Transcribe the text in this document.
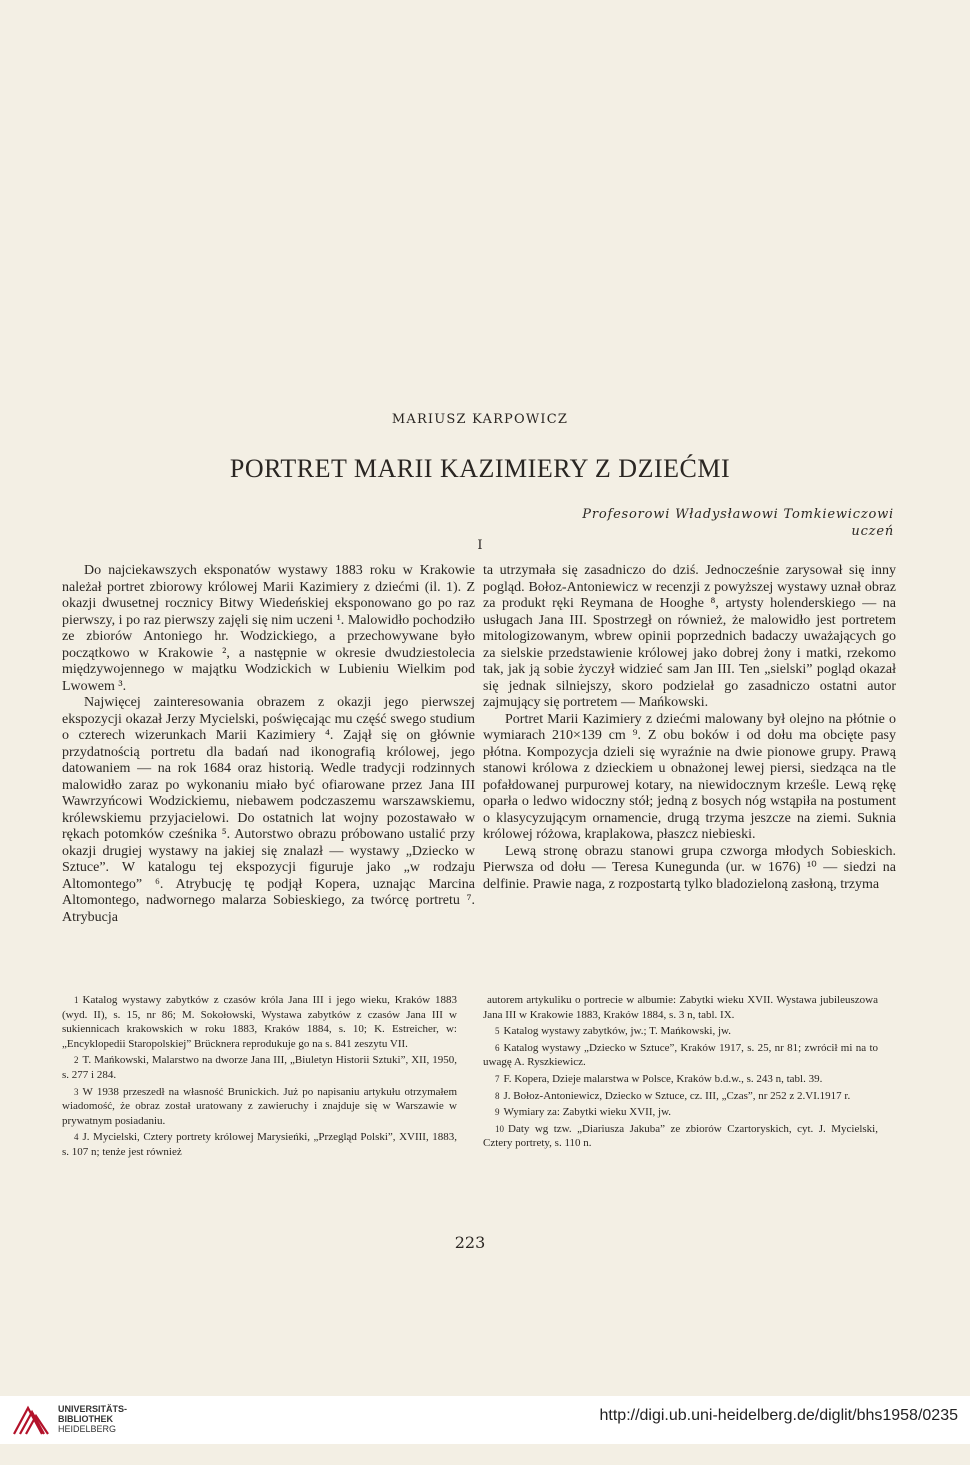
MARIUSZ KARPOWICZ
PORTRET MARII KAZIMIERY Z DZIEĆMI
Profesorowi Władysławowi Tomkiewiczowi
uczeń
I

Do najciekawszych eksponatów wystawy 1883 roku w Krakowie należał portret zbiorowy królowej Marii Kazimiery z dziećmi (il. 1). Z okazji dwusetnej rocznicy Bitwy Wiedeńskiej eksponowano go po raz pierwszy, i po raz pierwszy zajęli się nim uczeni ¹. Malowidło pochodziło ze zbiorów Antoniego hr. Wodzickiego, a przechowywane było początkowo w Krakowie ², a następnie w okresie dwudziestolecia międzywojennego w majątku Wodzickich w Lubieniu Wielkim pod Lwowem ³.

Najwięcej zainteresowania obrazem z okazji jego pierwszej ekspozycji okazał Jerzy Mycielski, poświęcając mu część swego studium o czterech wizerunkach Marii Kazimiery ⁴. Zajął się on głównie przydatnością portretu dla badań nad ikonografią królowej, jego datowaniem — na rok 1684 oraz historią. Wedle tradycji rodzinnych malowidło zaraz po wykonaniu miało być ofiarowane przez Jana III Wawrzyńcowi Wodzickiemu, niebawem podczaszemu warszawskiemu, królewskiemu przyjacielowi. Do ostatnich lat wojny pozostawało w rękach potomków cześnika ⁵. Autorstwo obrazu próbowano ustalić przy okazji drugiej wystawy na jakiej się znalazł — wystawy „Dziecko w Sztuce”. W katalogu tej ekspozycji figuruje jako „w rodzaju Altomontego” ⁶. Atrybucję tę podjął Kopera, uznając Marcina Altomontego, nadwornego malarza Sobieskiego, za twórcę portretu ⁷. Atrybucja

ta utrzymała się zasadniczo do dziś. Jednocześnie zarysował się inny pogląd. Bołoz-Antoniewicz w recenzji z powyższej wystawy uznał obraz za produkt ręki Reymana de Hooghe ⁸, artysty holenderskiego — na usługach Jana III. Spostrzegł on również, że malowidło jest portretem mitologizowanym, wbrew opinii poprzednich badaczy uważających go za sielskie przedstawienie królowej jako dobrej żony i matki, rzekomo tak, jak ją sobie życzył widzieć sam Jan III. Ten „sielski” pogląd okazał się jednak silniejszy, skoro podzielał go zasadniczo ostatni autor zajmujący się portretem — Mańkowski.

Portret Marii Kazimiery z dziećmi malowany był olejno na płótnie o wymiarach 210×139 cm ⁹. Z obu boków i od dołu ma obcięte pasy płótna. Kompozycja dzieli się wyraźnie na dwie pionowe grupy. Prawą stanowi królowa z dzieckiem u obnażonej lewej piersi, siedząca na tle pofałdowanej purpurowej kotary, na niewidocznym krześle. Lewą rękę oparła o ledwo widoczny stół; jedną z bosych nóg wstąpiła na postument o klasycyzującym ornamencie, drugą trzyma jeszcze na ziemi. Suknia królowej różowa, kraplakowa, płaszcz niebieski.

Lewą stronę obrazu stanowi grupa czworga młodych Sobieskich. Pierwsza od dołu — Teresa Kunegunda (ur. w 1676) ¹⁰ — siedzi na delfinie. Prawie naga, z rozpostartą tylko bladozieloną zasłoną, trzyma

1 Katalog wystawy zabytków z czasów króla Jana III i jego wieku, Kraków 1883 (wyd. II), s. 15, nr 86; M. Sokołowski, Wystawa zabytków z czasów Jana III w sukiennicach krakowskich w roku 1883, Kraków 1884, s. 10; K. Estreicher, w: „Encyklopedii Staropolskiej” Brücknera reprodukuje go na s. 841 zeszytu VII.

2 T. Mańkowski, Malarstwo na dworze Jana III, „Biuletyn Historii Sztuki”, XII, 1950, s. 277 i 284.

3 W 1938 przeszedł na własność Brunickich. Już po napisaniu artykułu otrzymałem wiadomość, że obraz został uratowany z zawieruchy i znajduje się w Warszawie w prywatnym posiadaniu.

4 J. Mycielski, Cztery portrety królowej Marysieńki, „Przegląd Polski”, XVIII, 1883, s. 107 n; tenże jest również

autorem artykuliku o portrecie w albumie: Zabytki wieku XVII. Wystawa jubileuszowa Jana III w Krakowie 1883, Kraków 1884, s. 3 n, tabl. IX.

5 Katalog wystawy zabytków, jw.; T. Mańkowski, jw.

6 Katalog wystawy „Dziecko w Sztuce”, Kraków 1917, s. 25, nr 81; zwrócił mi na to uwagę A. Ryszkiewicz.

7 F. Kopera, Dzieje malarstwa w Polsce, Kraków b.d.w., s. 243 n, tabl. 39.

8 J. Bołoz-Antoniewicz, Dziecko w Sztuce, cz. III, „Czas”, nr 252 z 2.VI.1917 r.

9 Wymiary za: Zabytki wieku XVII, jw.

10 Daty wg tzw. „Diariusza Jakuba” ze zbiorów Czartoryskich, cyt. J. Mycielski, Cztery portrety, s. 110 n.

223
UNIVERSITÄTS-
BIBLIOTHEK
HEIDELBERG
http://digi.ub.uni-heidelberg.de/diglit/bhs1958/0235
